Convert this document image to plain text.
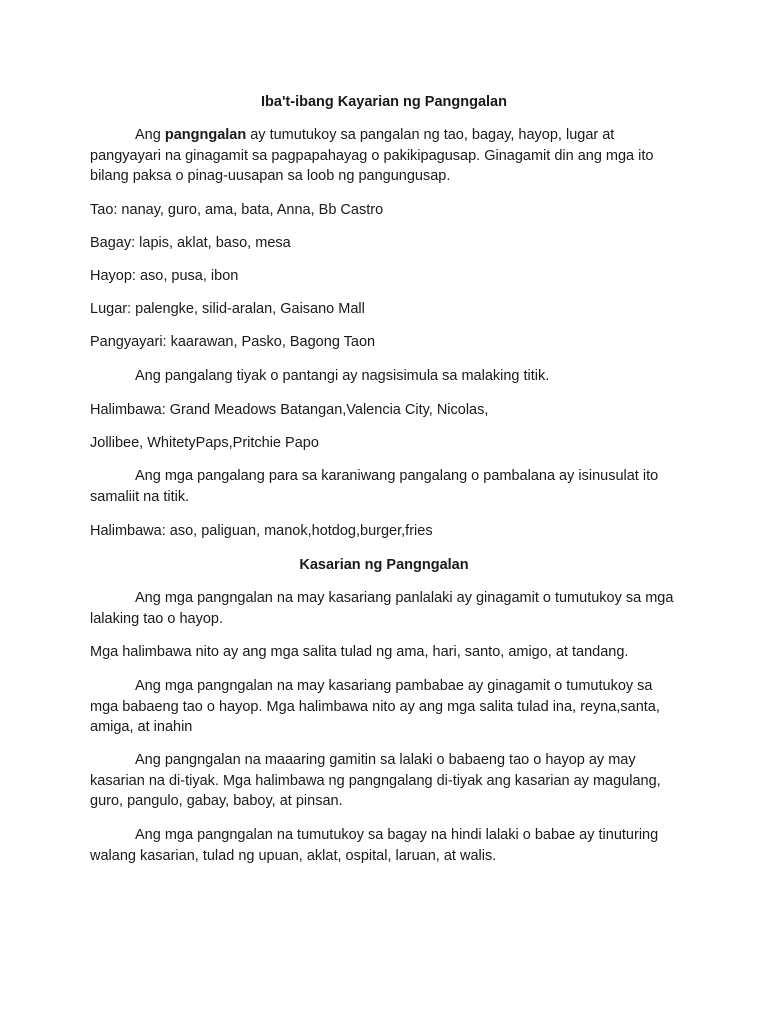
Iba't-ibang Kayarian ng Pangngalan

Ang pangngalan ay tumutukoy sa pangalan ng tao, bagay, hayop, lugar at pangyayari na ginagamit sa pagpapahayag o pakikipagusap. Ginagamit din ang mga ito bilang paksa o pinag-uusapan sa loob ng pangungusap.

Tao: nanay, guro, ama, bata, Anna, Bb Castro

Bagay: lapis, aklat, baso, mesa

Hayop: aso, pusa, ibon

Lugar: palengke, silid-aralan, Gaisano Mall

Pangyayari: kaarawan, Pasko, Bagong Taon

Ang pangalang tiyak o pantangi ay nagsisimula sa malaking titik.

Halimbawa: Grand Meadows Batangan,Valencia City, Nicolas,

Jollibee, WhitetyPaps,Pritchie Papo

Ang mga pangalang para sa karaniwang pangalang o pambalana ay isinusulat ito samaliit na titik.

Halimbawa: aso, paliguan, manok,hotdog,burger,fries

Kasarian ng Pangngalan

Ang mga pangngalan na may kasariang panlalaki ay ginagamit o tumutukoy sa mga lalaking tao o hayop.

Mga halimbawa nito ay ang mga salita tulad ng ama, hari, santo, amigo, at tandang.

Ang mga pangngalan na may kasariang pambabae ay ginagamit o tumutukoy sa mga babaeng tao o hayop. Mga halimbawa nito ay ang mga salita tulad ina, reyna,santa, amiga, at inahin

Ang pangngalan na maaaring gamitin sa lalaki o babaeng tao o hayop ay may kasarian na di-tiyak. Mga halimbawa ng pangngalang di-tiyak ang kasarian ay magulang, guro, pangulo, gabay, baboy, at pinsan.

Ang mga pangngalan na tumutukoy sa bagay na hindi lalaki o babae ay tinuturing walang kasarian, tulad ng upuan, aklat, ospital, laruan, at walis.
